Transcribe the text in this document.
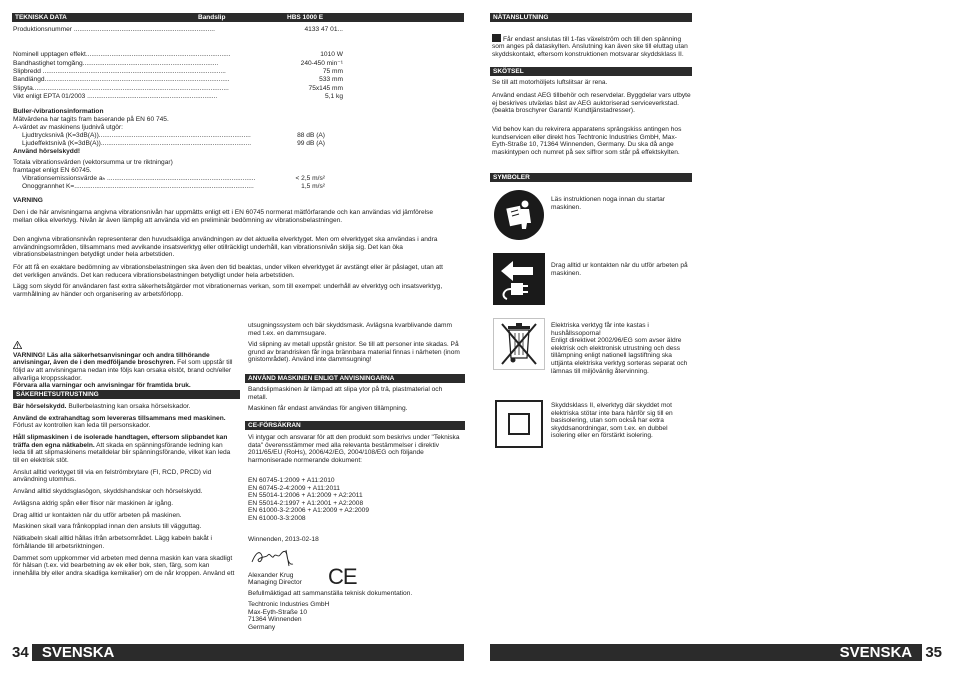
TEKNISKA DATA	Bandslip	HBS 1000 E
Produktionsnummer .............................................................................	4133 47 01...
Nominell upptagen effekt...............................................................................	1010 W
Bandhastighet tomgång..........................................................................	240-450 min⁻¹
Slipbredd ....................................................................................................	75 mm
Bandlängd.....................................................................................................	533 mm
Slipyta...........................................................................................................	75x145 mm
Vikt enligt EPTA 01/2003 .......................................................................	5,1 kg
Buller-/vibrationsinformation
Mätvärdena har tagits fram baserande på EN 60 745.
A-värdet av maskinens ljudnivå utgör:
Ljudtrycksnivå (K=3dB(A))...................................................................................	88 dB (A)
Ljudeffektsnivå (K=3dB(A))..................................................................................	99 dB (A)
Använd hörselskydd!
Totala vibrationsvärden (vektorsumma ur tre riktningar)
framtaget enligt EN 60745.
Vibrationsemissionsvärde aₕ .................................................................................	< 2,5 m/s²
Onoggrannhet K=..................................................................................................	1,5 m/s²
VARNING
Den i de här anvisningarna angivna vibrationsnivån har uppmätts enligt ett i EN 60745 normerat mätförfarande och kan användas vid jämförelse mellan olika elverktyg. Nivån är även lämplig att använda vid en preliminär bedömning av vibrationsbelastningen.
Den angivna vibrationsnivån representerar den huvudsakliga användningen av det aktuella elverktyget. Men om elverktyget ska användas i andra användningsområden, tillsammans med avvikande insatsverktyg eller otillräckligt underhåll, kan vibrationsnivån skilja sig. Det kan öka vibrationsbelastningen betydligt under hela arbetstiden.
För att få en exaktare bedömning av vibrationsbelastningen ska även den tid beaktas, under vilken elverktyget är avstängt eller är påslaget, utan att det verkligen används. Det kan reducera vibrationsbelastningen betydligt under hela arbetstiden.
Lägg som skydd för användaren fast extra säkerhetsåtgärder mot vibrationernas verkan, som till exempel: underhåll av elverktyg och insatsverktyg, varmhållning av händer och organisering av arbetsförlopp.

VARNING! Läs alla säkerhetsanvisningar och andra tillhörande anvisningar, även de i den medföljande broschyren. Fel som uppstår till följd av att anvisningarna nedan inte följs kan orsaka elstöt, brand och/eller allvarliga kroppsskador.

Förvara alla varningar och anvisningar för framtida bruk.

SÄKERHETSUTRUSTNING
Bär hörselskydd. Bullerbelastning kan orsaka hörselskador.
Använd de extrahandtag som levereras tillsammans med maskinen. Förlust av kontrollen kan leda till personskador.
Håll slipmaskinen i de isolerade handtagen, eftersom slipbandet kan träffa den egna nätkabeln. Att skada en spänningsförande ledning kan leda till att slipmaskinens metalldelar blir spänningsförande, vilket kan leda till en elektrisk stöt.
Anslut alltid verktyget till via en felströmbrytare (FI, RCD, PRCD) vid användning utomhus.
Använd alltid skyddsglasögon, skyddshandskar och hörselskydd.
Avlägsna aldrig spån eller flisor när maskinen är igång.
Drag alltid ur kontakten när du utför arbeten på maskinen.
Maskinen skall vara frånkopplad innan den ansluts till vägguttag.
Nätkabeln skall alltid hållas ifrån arbetsområdet. Lägg kabeln bakåt i förhållande till arbetsriktningen.
Dammet som uppkommer vid arbeten med denna maskin kan vara skadligt för hälsan (t.ex. vid bearbetning av ek eller bok, sten, färg, som kan innehålla bly eller andra skadliga kemikalier) om de når kroppen. Använd ett
utsugningssystem och bär skyddsmask. Avlägsna kvarblivande damm med t.ex. en dammsugare.
Vid slipning av metall uppstår gnistor. Se till att personer inte skadas. På grund av brandrisken får inga brännbara material finnas i närheten (inom gnistområdet). Använd inte dammsugning!
ANVÄND MASKINEN ENLIGT ANVISNINGARNA
Bandslipmaskinen är lämpad att slipa ytor på trä, plastmaterial och metall.
Maskinen får endast användas för angiven tillämpning.
CE-FÖRSÄKRAN
Vi intygar och ansvarar för att den produkt som beskrivs under "Tekniska data" överensstämmer med alla relevanta bestämmelser i direktiv 2011/65/EU (RoHs), 2006/42/EG, 2004/108/EG och följande harmoniserade normerande dokument:
EN 60745-1:2009 + A11:2010
EN 60745-2-4:2009 + A11:2011
EN 55014-1:2006 + A1:2009 + A2:2011
EN 55014-2:1997 + A1:2001 + A2:2008
EN 61000-3-2:2006 + A1:2009 + A2:2009
EN 61000-3-3:2008
Winnenden, 2013-02-18
Alexander Krug
Managing Director CE
Befullmäktigad att sammanställa teknisk dokumentation.
Techtronic Industries GmbH
Max-Eyth-Straße 10
71364 Winnenden
Germany
34 SVENSKA
NÄTANSLUTNING

Får endast anslutas till 1-fas växelström och till den spänning som anges på dataskylten. Anslutning kan även ske till eluttag utan skyddskontakt, eftersom konstruktionen motsvarar skyddsklass II.

SKÖTSEL
Se till att motorhöljets luftslitsar är rena.
Använd endast AEG tillbehör och reservdelar. Byggdelar vars utbyte ej beskrives utväxlas bäst av AEG auktoriserad serviceverkstad. (beakta broschyrer Garanti/ Kundtjänstadresser).
Vid behov kan du rekvirera apparatens sprängskiss antingen hos kundservicen eller direkt hos Techtronic Industries GmbH, Max-Eyth-Straße 10, 71364 Winnenden, Germany. Du ska då ange maskintypen och numret på sex siffror som står på effektskylten.
SYMBOLER
Läs instruktionen noga innan du startar maskinen.
Drag alltid ur kontakten när du utför arbeten på maskinen.
Elektriska verktyg får inte kastas i hushållssoporna!
Enligt direktivet 2002/96/EG som avser äldre elektrisk och elektronisk utrustning och dess tillämpning enligt nationell lagstiftning ska uttjänta elektriska verktyg sorteras separat och lämnas till miljövänlig återvinning.
Skyddsklass II, elverktyg där skyddet mot elektriska stötar inte bara hänför sig till en basisolering, utan som också har extra skyddsanordningar, som t.ex. en dubbel isolering eller en förstärkt isolering.
SVENSKA 35
